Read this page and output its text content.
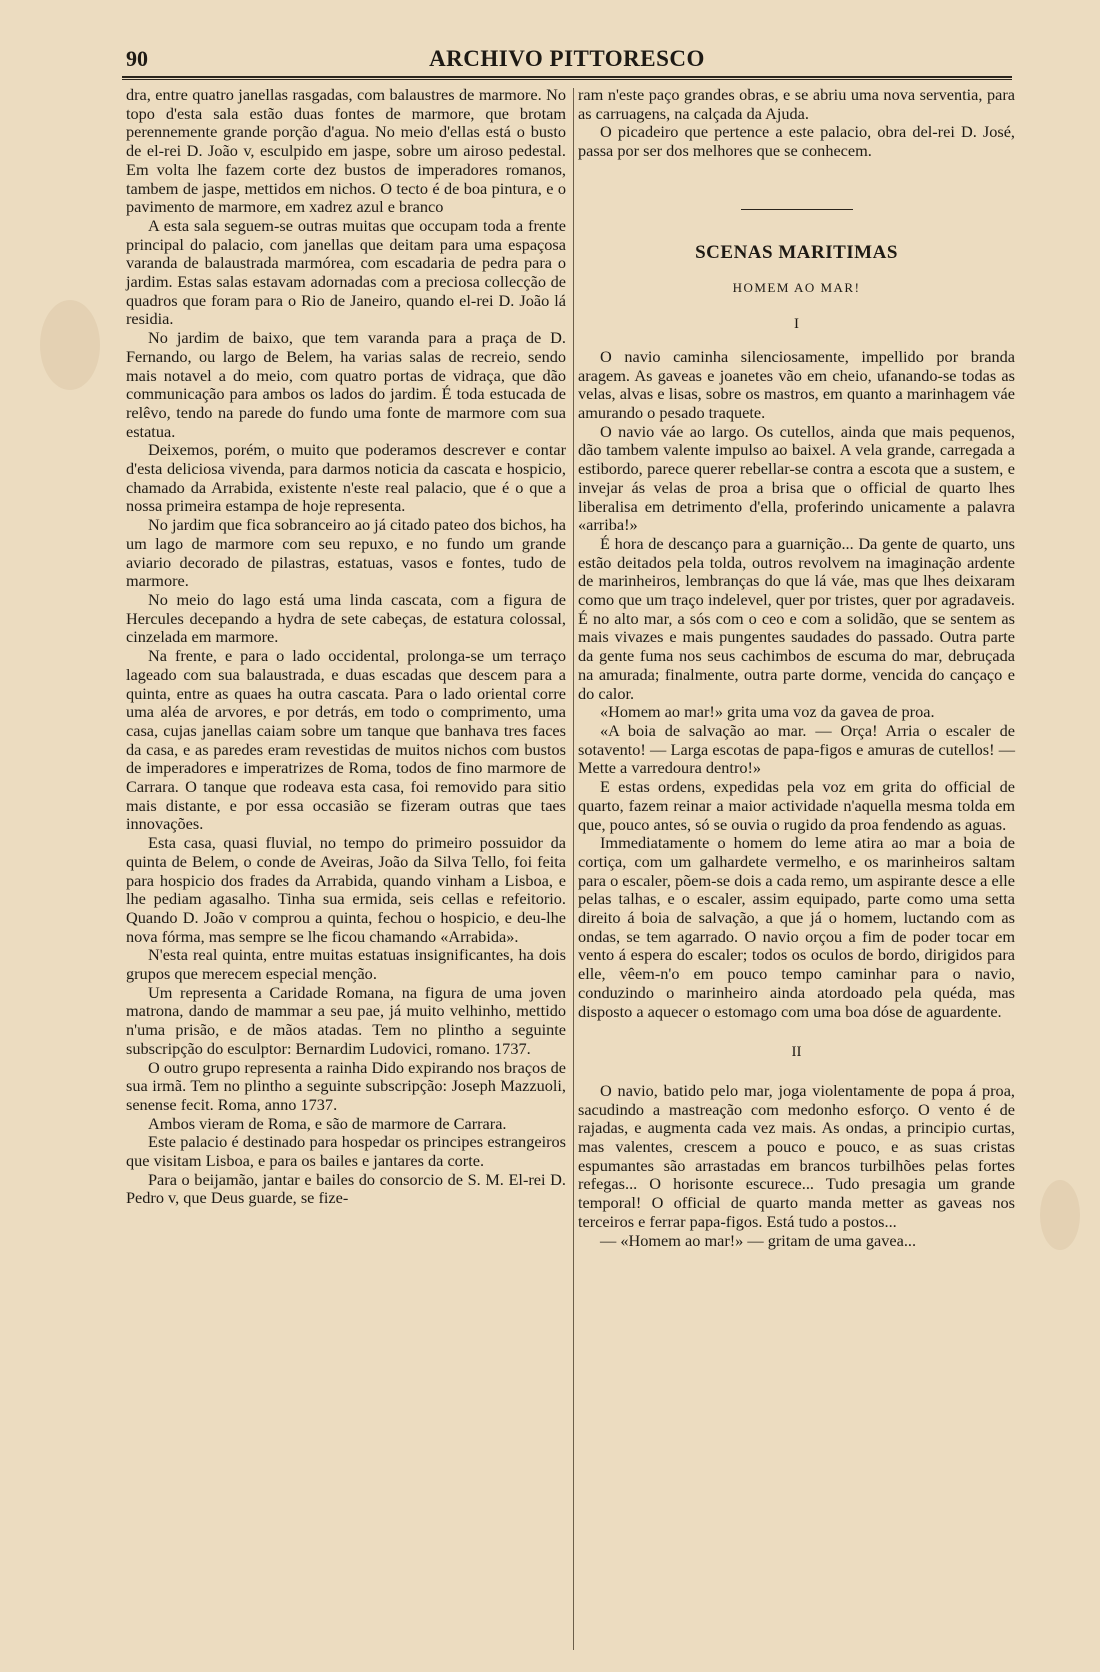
90	ARCHIVO PITTORESCO

dra, entre quatro janellas rasgadas, com balaustres de marmore. No topo d'esta sala estão duas fontes de marmore, que brotam perennemente grande porção d'agua. No meio d'ellas está o busto de el-rei D. João v, esculpido em jaspe, sobre um airoso pedestal. Em volta lhe fazem corte dez bustos de imperadores romanos, tambem de jaspe, mettidos em nichos. O tecto é de boa pintura, e o pavimento de marmore, em xadrez azul e branco

A esta sala seguem-se outras muitas que occupam toda a frente principal do palacio, com janellas que deitam para uma espaçosa varanda de balaustrada marmórea, com escadaria de pedra para o jardim. Estas salas estavam adornadas com a preciosa collecção de quadros que foram para o Rio de Janeiro, quando el-rei D. João lá residia.

No jardim de baixo, que tem varanda para a praça de D. Fernando, ou largo de Belem, ha varias salas de recreio, sendo mais notavel a do meio, com quatro portas de vidraça, que dão communicação para ambos os lados do jardim. É toda estucada de relêvo, tendo na parede do fundo uma fonte de marmore com sua estatua.

Deixemos, porém, o muito que poderamos descrever e contar d'esta deliciosa vivenda, para darmos noticia da cascata e hospicio, chamado da Arrabida, existente n'este real palacio, que é o que a nossa primeira estampa de hoje representa.

No jardim que fica sobranceiro ao já citado pateo dos bichos, ha um lago de marmore com seu repuxo, e no fundo um grande aviario decorado de pilastras, estatuas, vasos e fontes, tudo de marmore.

No meio do lago está uma linda cascata, com a figura de Hercules decepando a hydra de sete cabeças, de estatura colossal, cinzelada em marmore.

Na frente, e para o lado occidental, prolonga-se um terraço lageado com sua balaustrada, e duas escadas que descem para a quinta, entre as quaes ha outra cascata. Para o lado oriental corre uma aléa de arvores, e por detrás, em todo o comprimento, uma casa, cujas janellas caiam sobre um tanque que banhava tres faces da casa, e as paredes eram revestidas de muitos nichos com bustos de imperadores e imperatrizes de Roma, todos de fino marmore de Carrara. O tanque que rodeava esta casa, foi removido para sitio mais distante, e por essa occasião se fizeram outras que taes innovações.

Esta casa, quasi fluvial, no tempo do primeiro possuidor da quinta de Belem, o conde de Aveiras, João da Silva Tello, foi feita para hospicio dos frades da Arrabida, quando vinham a Lisboa, e lhe pediam agasalho. Tinha sua ermida, seis cellas e refeitorio. Quando D. João v comprou a quinta, fechou o hospicio, e deu-lhe nova fórma, mas sempre se lhe ficou chamando «Arrabida».

N'esta real quinta, entre muitas estatuas insignificantes, ha dois grupos que merecem especial menção.

Um representa a Caridade Romana, na figura de uma joven matrona, dando de mammar a seu pae, já muito velhinho, mettido n'uma prisão, e de mãos atadas. Tem no plintho a seguinte subscripção do esculptor: Bernardim Ludovici, romano. 1737.

O outro grupo representa a rainha Dido expirando nos braços de sua irmã. Tem no plintho a seguinte subscripção: Joseph Mazzuoli, senense fecit. Roma, anno 1737.

Ambos vieram de Roma, e são de marmore de Carrara.

Este palacio é destinado para hospedar os principes estrangeiros que visitam Lisboa, e para os bailes e jantares da corte.

Para o beijamão, jantar e bailes do consorcio de S. M. El-rei D. Pedro v, que Deus guarde, se fize-

ram n'este paço grandes obras, e se abriu uma nova serventia, para as carruagens, na calçada da Ajuda.

O picadeiro que pertence a este palacio, obra del-rei D. José, passa por ser dos melhores que se conhecem.

SCENAS MARITIMAS
HOMEM AO MAR!
I

O navio caminha silenciosamente, impellido por branda aragem. As gaveas e joanetes vão em cheio, ufanando-se todas as velas, alvas e lisas, sobre os mastros, em quanto a marinhagem váe amurando o pesado traquete.

O navio váe ao largo. Os cutellos, ainda que mais pequenos, dão tambem valente impulso ao baixel. A vela grande, carregada a estibordo, parece querer rebellar-se contra a escota que a sustem, e invejar ás velas de proa a brisa que o official de quarto lhes liberalisa em detrimento d'ella, proferindo unicamente a palavra «arriba!»

É hora de descanço para a guarnição... Da gente de quarto, uns estão deitados pela tolda, outros revolvem na imaginação ardente de marinheiros, lembranças do que lá váe, mas que lhes deixaram como que um traço indelevel, quer por tristes, quer por agradaveis. É no alto mar, a sós com o ceo e com a solidão, que se sentem as mais vivazes e mais pungentes saudades do passado. Outra parte da gente fuma nos seus cachimbos de escuma do mar, debruçada na amurada; finalmente, outra parte dorme, vencida do cançaço e do calor.

«Homem ao mar!» grita uma voz da gavea de proa.

«A boia de salvação ao mar. — Orça! Arria o escaler de sotavento! — Larga escotas de papa-figos e amuras de cutellos! — Mette a varredoura dentro!»

E estas ordens, expedidas pela voz em grita do official de quarto, fazem reinar a maior actividade n'aquella mesma tolda em que, pouco antes, só se ouvia o rugido da proa fendendo as aguas.

Immediatamente o homem do leme atira ao mar a boia de cortiça, com um galhardete vermelho, e os marinheiros saltam para o escaler, põem-se dois a cada remo, um aspirante desce a elle pelas talhas, e o escaler, assim equipado, parte como uma setta direito á boia de salvação, a que já o homem, luctando com as ondas, se tem agarrado. O navio orçou a fim de poder tocar em vento á espera do escaler; todos os oculos de bordo, dirigidos para elle, vêem-n'o em pouco tempo caminhar para o navio, conduzindo o marinheiro ainda atordoado pela quéda, mas disposto a aquecer o estomago com uma boa dóse de aguardente.

II

O navio, batido pelo mar, joga violentamente de popa á proa, sacudindo a mastreação com medonho esforço. O vento é de rajadas, e augmenta cada vez mais. As ondas, a principio curtas, mas valentes, crescem a pouco e pouco, e as suas cristas espumantes são arrastadas em brancos turbilhões pelas fortes refegas... O horisonte escurece... Tudo presagia um grande temporal! O official de quarto manda metter as gaveas nos terceiros e ferrar papa-figos. Está tudo a postos...

— «Homem ao mar!» — gritam de uma gavea...
